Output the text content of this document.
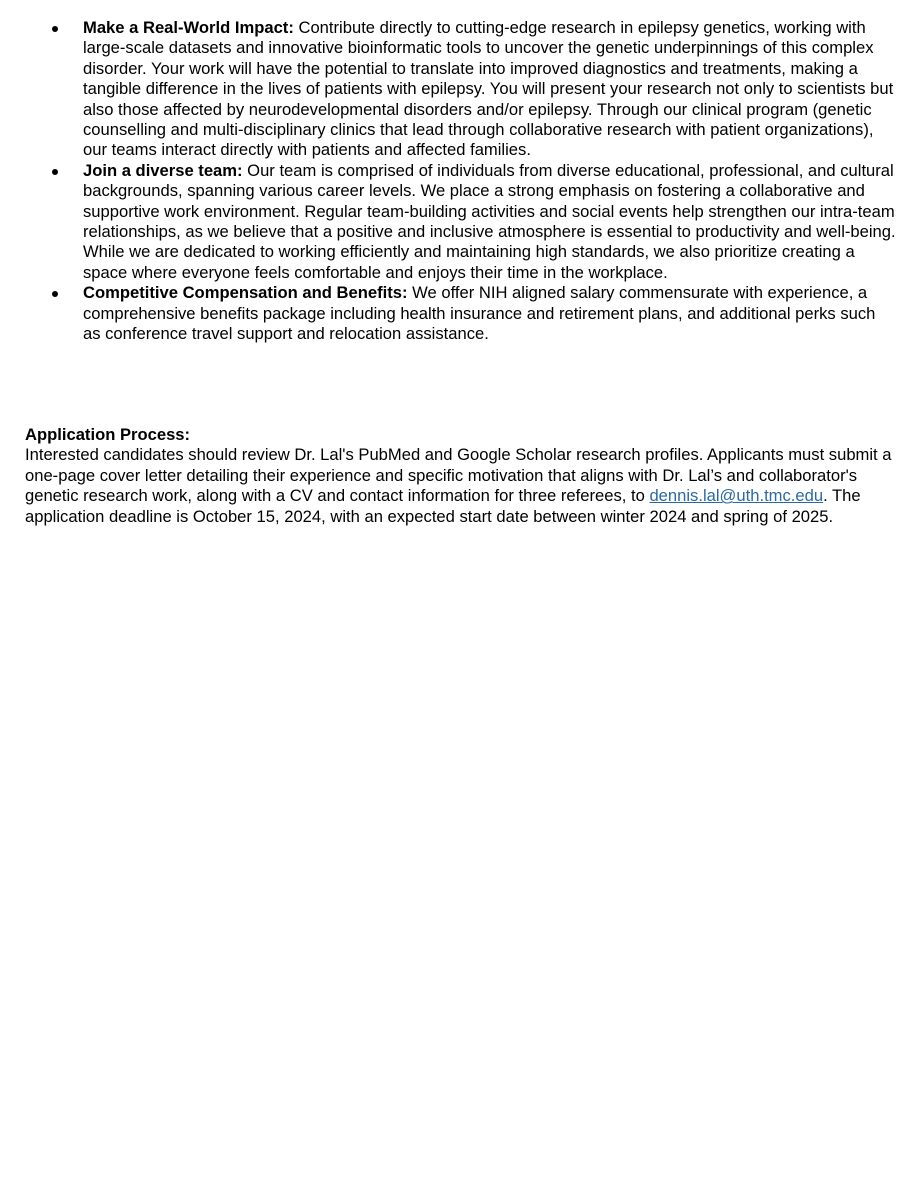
Make a Real-World Impact: Contribute directly to cutting-edge research in epilepsy genetics, working with large-scale datasets and innovative bioinformatic tools to uncover the genetic underpinnings of this complex disorder. Your work will have the potential to translate into improved diagnostics and treatments, making a tangible difference in the lives of patients with epilepsy. You will present your research not only to scientists but also those affected by neurodevelopmental disorders and/or epilepsy. Through our clinical program (genetic counselling and multi-disciplinary clinics that lead through collaborative research with patient organizations), our teams interact directly with patients and affected families.
Join a diverse team: Our team is comprised of individuals from diverse educational, professional, and cultural backgrounds, spanning various career levels. We place a strong emphasis on fostering a collaborative and supportive work environment. Regular team-building activities and social events help strengthen our intra-team relationships, as we believe that a positive and inclusive atmosphere is essential to productivity and well-being. While we are dedicated to working efficiently and maintaining high standards, we also prioritize creating a space where everyone feels comfortable and enjoys their time in the workplace.
Competitive Compensation and Benefits: We offer NIH aligned salary commensurate with experience, a comprehensive benefits package including health insurance and retirement plans, and additional perks such as conference travel support and relocation assistance.

Application Process:

Interested candidates should review Dr. Lal's PubMed and Google Scholar research profiles. Applicants must submit a one-page cover letter detailing their experience and specific motivation that aligns with Dr. Lal’s and collaborator's genetic research work, along with a CV and contact information for three referees, to dennis.lal@uth.tmc.edu. The application deadline is October 15, 2024, with an expected start date between winter 2024 and spring of 2025.
